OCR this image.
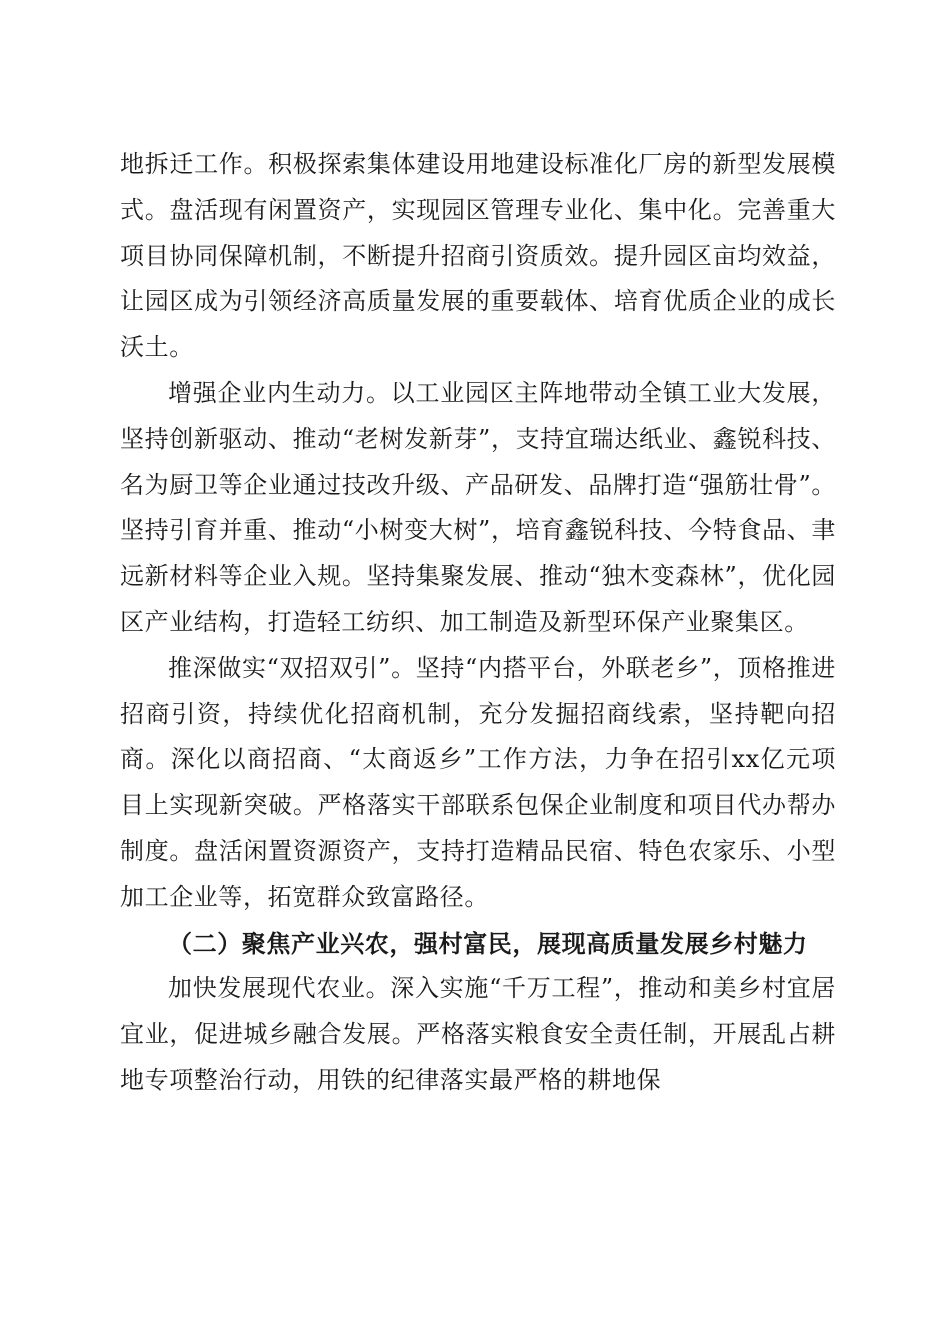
地拆迁工作。积极探索集体建设用地建设标准化厂房的新型发展模式。盘活现有闲置资产，实现园区管理专业化、集中化。完善重大项目协同保障机制，不断提升招商引资质效。提升园区亩均效益，让园区成为引领经济高质量发展的重要载体、培育优质企业的成长沃土。

增强企业内生动力。以工业园区主阵地带动全镇工业大发展，坚持创新驱动、推动“老树发新芽”，支持宜瑞达纸业、鑫锐科技、名为厨卫等企业通过技改升级、产品研发、品牌打造“强筋壮骨”。坚持引育并重、推动“小树变大树”，培育鑫锐科技、今特食品、聿远新材料等企业入规。坚持集聚发展、推动“独木变森林”，优化园区产业结构，打造轻工纺织、加工制造及新型环保产业聚集区。

推深做实“双招双引”。坚持“内搭平台，外联老乡”，顶格推进招商引资，持续优化招商机制，充分发掘招商线索，坚持靶向招商。深化以商招商、“太商返乡”工作方法，力争在招引xx亿元项目上实现新突破。严格落实干部联系包保企业制度和项目代办帮办制度。盘活闲置资源资产，支持打造精品民宿、特色农家乐、小型加工企业等，拓宽群众致富路径。

（二）聚焦产业兴农，强村富民，展现高质量发展乡村魅力

加快发展现代农业。深入实施“千万工程”，推动和美乡村宜居宜业，促进城乡融合发展。严格落实粮食安全责任制，开展乱占耕地专项整治行动，用铁的纪律落实最严格的耕地保
